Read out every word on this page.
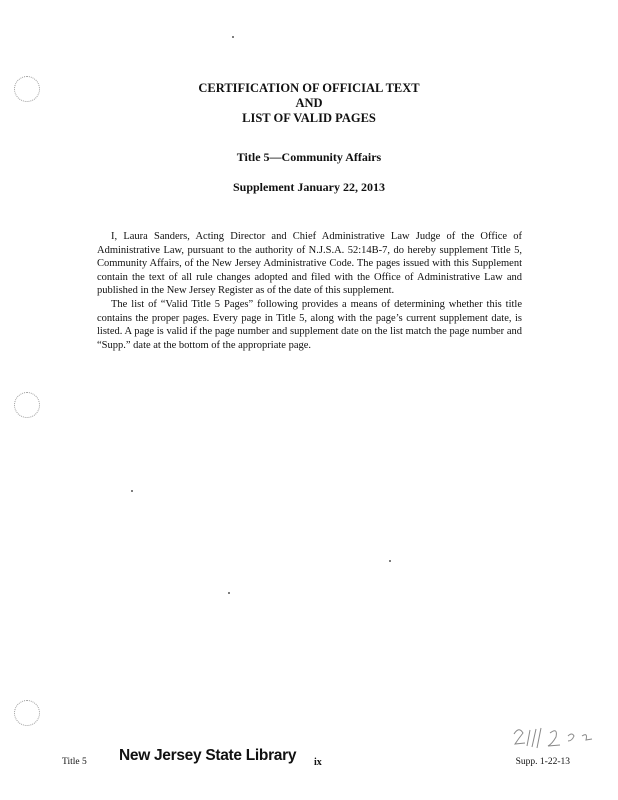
CERTIFICATION OF OFFICIAL TEXT
AND
LIST OF VALID PAGES
Title 5—Community Affairs
Supplement January 22, 2013

I, Laura Sanders, Acting Director and Chief Administrative Law Judge of the Office of Administrative Law, pursuant to the authority of N.J.S.A. 52:14B-7, do hereby supplement Title 5, Community Affairs, of the New Jersey Administrative Code. The pages issued with this Supplement contain the text of all rule changes adopted and filed with the Office of Administrative Law and published in the New Jersey Register as of the date of this supplement.

The list of “Valid Title 5 Pages” following provides a means of determining whether this title contains the proper pages. Every page in Title 5, along with the page’s current supplement date, is listed. A page is valid if the page number and supplement date on the list match the page number and “Supp.” date at the bottom of the appropriate page.

Title 5 New Jersey State Library ix	Supp. 1-22-13
